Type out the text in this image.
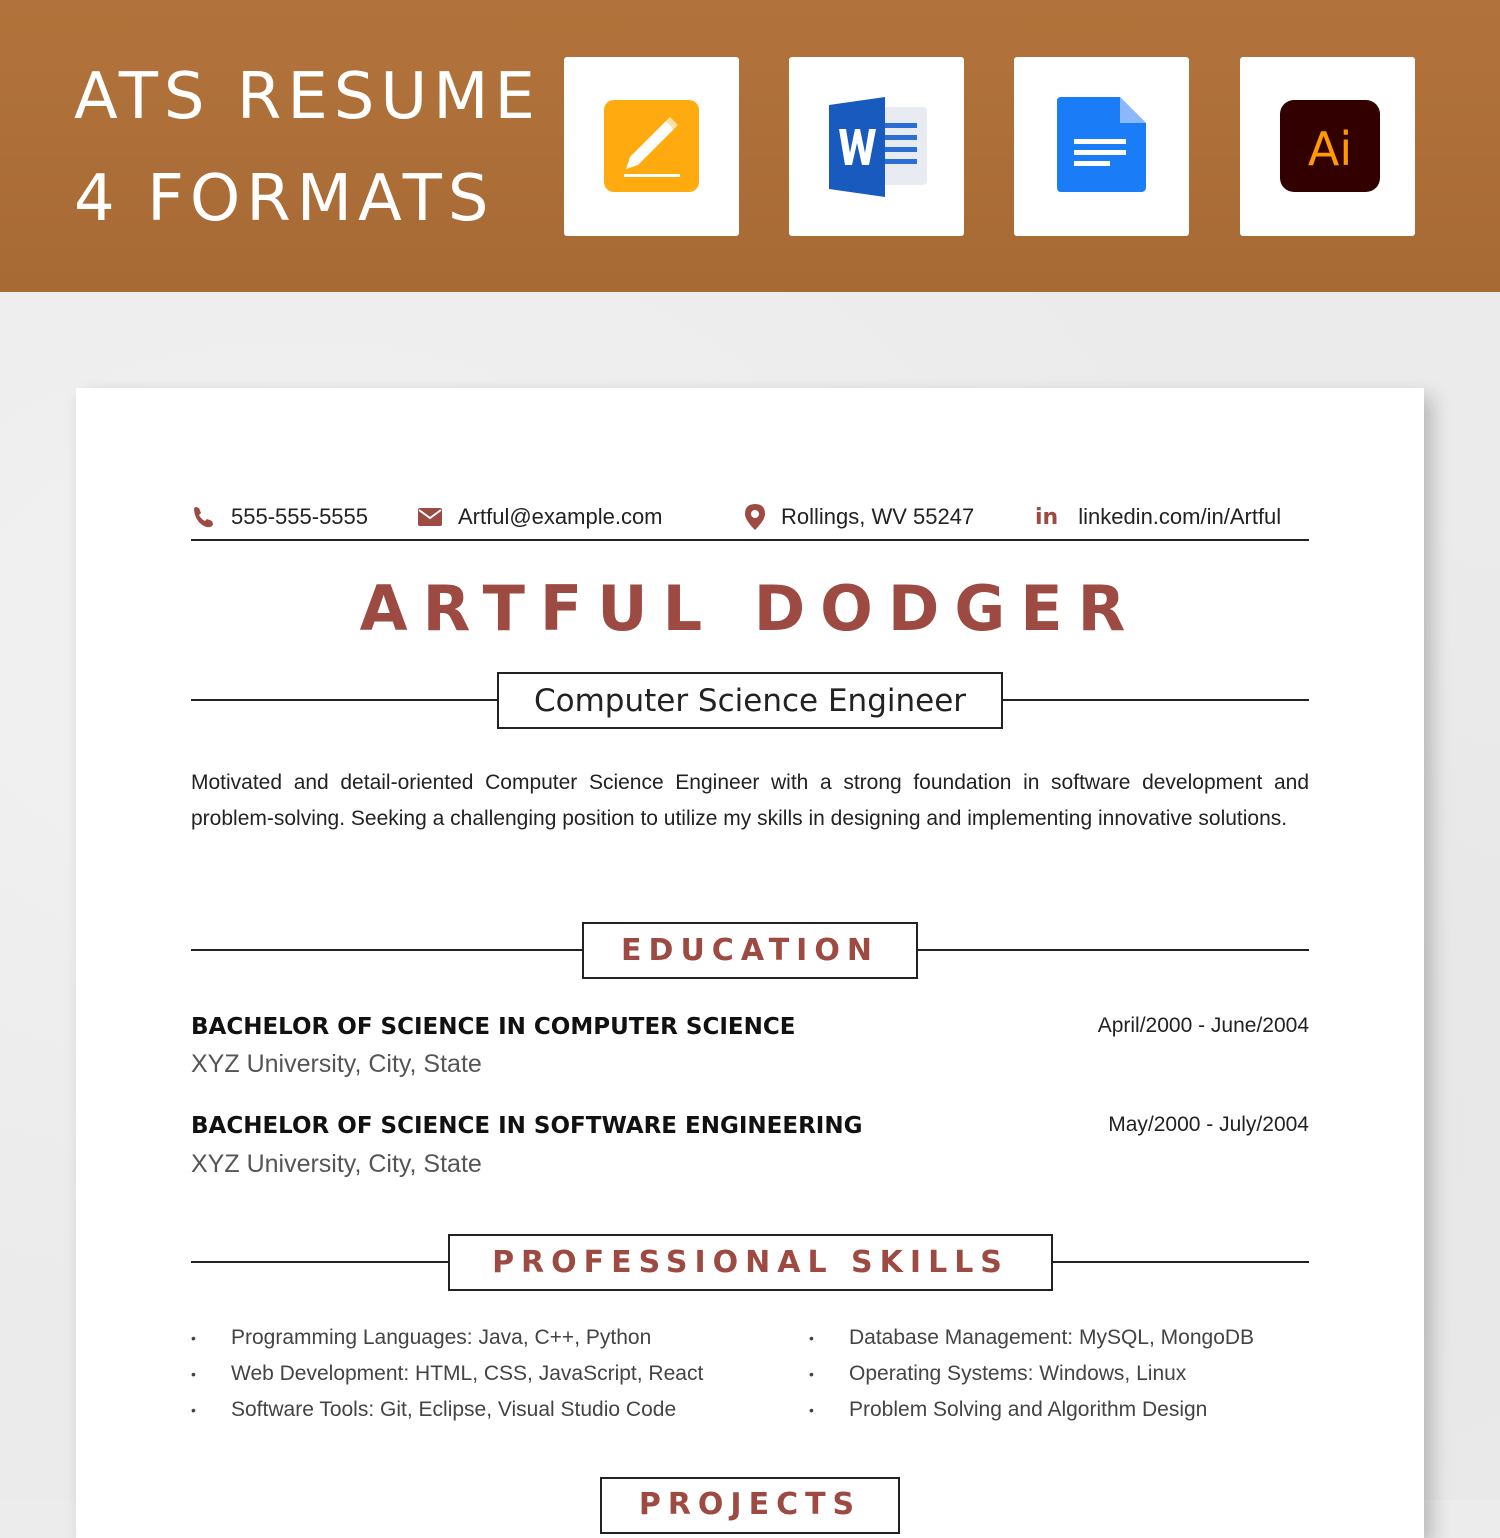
ATS RESUME
4 FORMATS
Ai
555-555-5555	Artful@example.com	Rollings, WV 55247	in linkedin.com/in/Artful
ARTFUL DODGER
Computer Science Engineer
Motivated and detail-oriented Computer Science Engineer with a strong foundation in software development and problem-solving. Seeking a challenging position to utilize my skills in designing and implementing innovative solutions.
EDUCATION
BACHELOR OF SCIENCE IN COMPUTER SCIENCE	April/2000 - June/2004
XYZ University, City, State
BACHELOR OF SCIENCE IN SOFTWARE ENGINEERING	May/2000 - July/2004
XYZ University, City, State
PROFESSIONAL SKILLS
• Programming Languages: Java, C++, Python
• Web Development: HTML, CSS, JavaScript, React
• Software Tools: Git, Eclipse, Visual Studio Code
• Database Management: MySQL, MongoDB
• Operating Systems: Windows, Linux
• Problem Solving and Algorithm Design
PROJECTS
